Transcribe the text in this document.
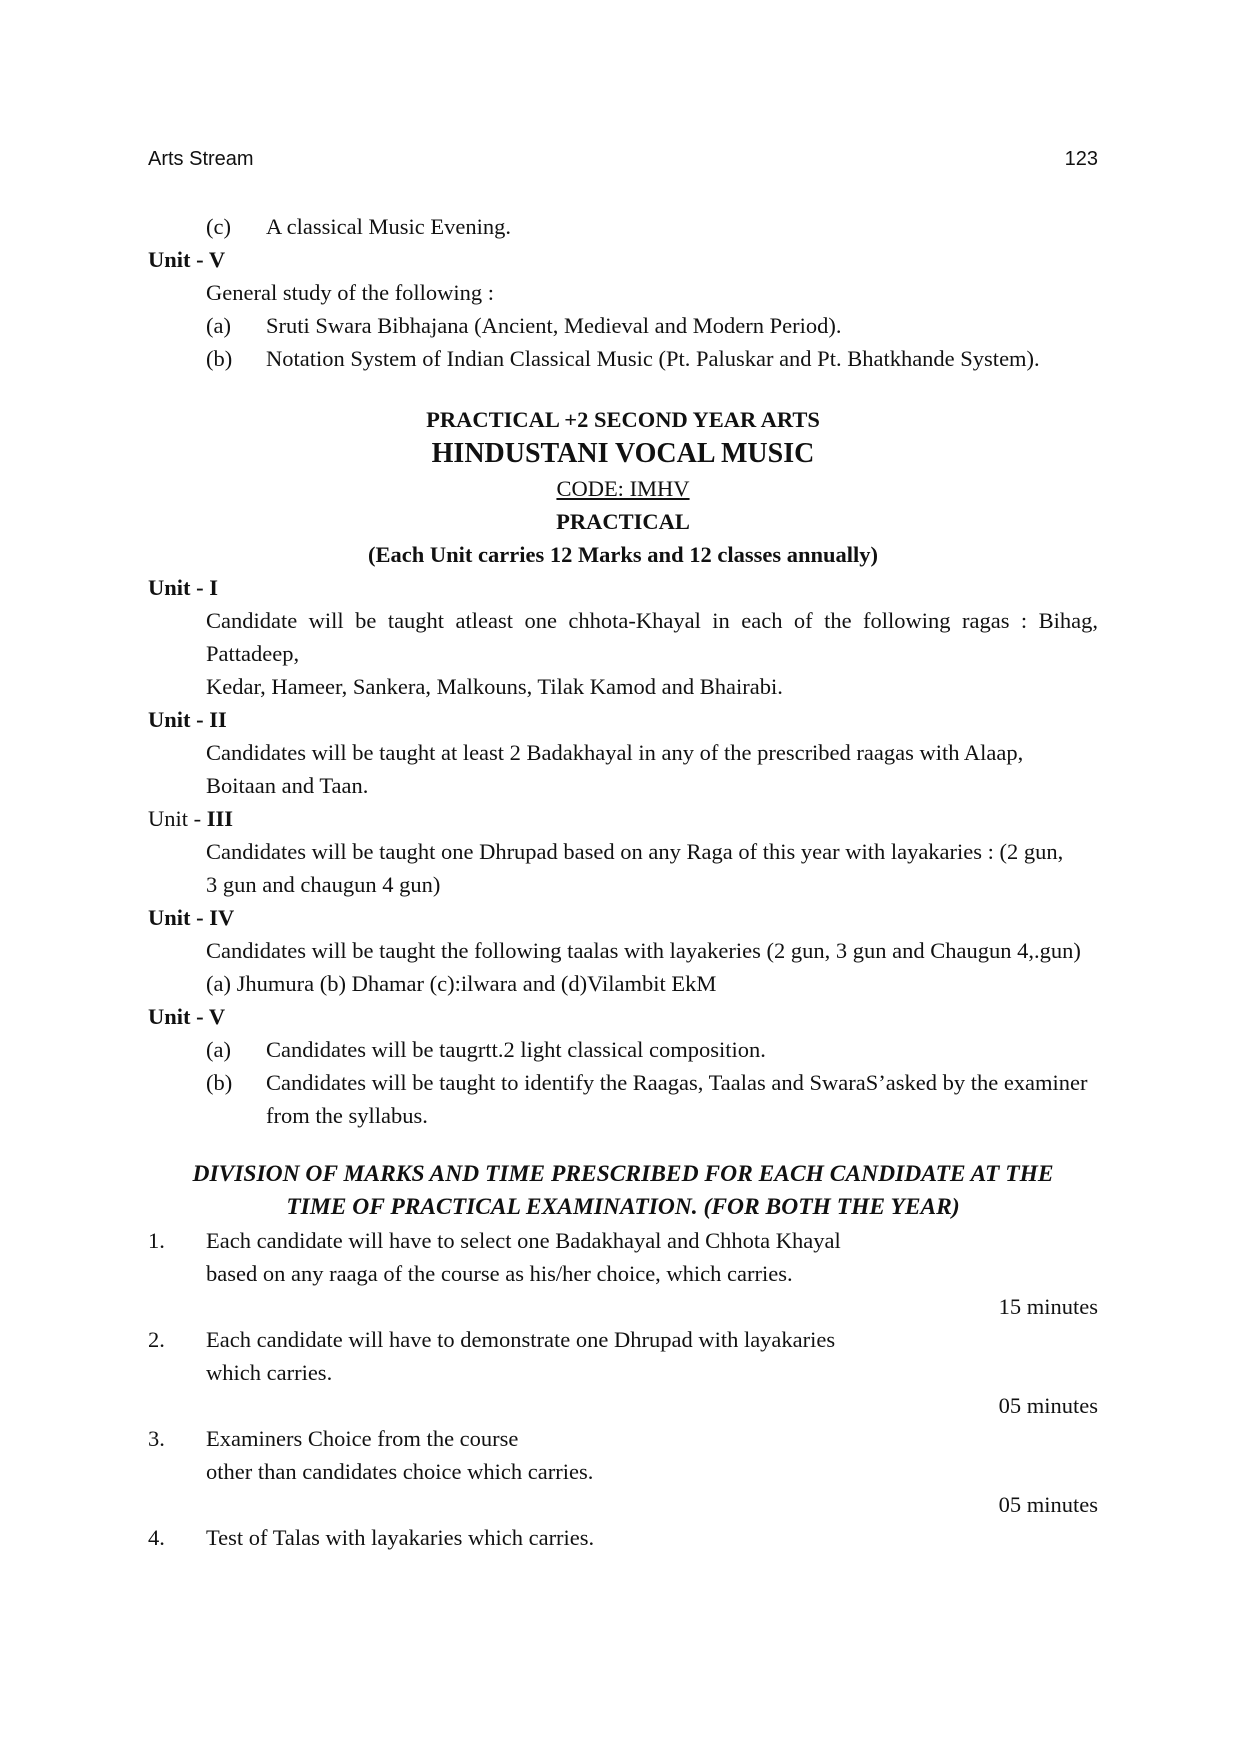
Arts Stream	123
(c)	A classical Music Evening.
Unit - V
General study of the following :
(a)	Sruti Swara Bibhajana (Ancient, Medieval and Modern Period).
(b)	Notation System of Indian Classical Music (Pt. Paluskar and Pt. Bhatkhande System).
PRACTICAL +2 SECOND YEAR ARTS
HINDUSTANI VOCAL MUSIC
CODE: IMHV
PRACTICAL
(Each Unit carries 12 Marks and 12 classes annually)
Unit - I
Candidate will be taught atleast one chhota-Khayal in each of the following ragas : Bihag, Pattadeep,
Kedar, Hameer, Sankera, Malkouns, Tilak Kamod and Bhairabi.
Unit - II
Candidates will be taught at least 2 Badakhayal in any of the prescribed raagas with Alaap,
Boitaan and Taan.
Unit - III
Candidates will be taught one Dhrupad based on any Raga of this year with layakaries : (2 gun,
3 gun and chaugun 4 gun)
Unit - IV
Candidates will be taught the following taalas with layakeries (2 gun, 3 gun and Chaugun 4,.gun)
(a) Jhumura (b) Dhamar (c):ilwara and (d)Vilambit EkM
Unit - V
(a)	Candidates will be taugrtt.2 light classical composition.
(b)	Candidates will be taught to identify the Raagas, Taalas and SwaraS’asked by the examiner
from the syllabus.
DIVISION OF MARKS AND TIME PRESCRIBED FOR EACH CANDIDATE AT THE
TIME OF PRACTICAL EXAMINATION. (FOR BOTH THE YEAR)
1.	Each candidate will have to select one Badakhayal and Chhota Khayal
based on any raaga of the course as his/her choice, which carries.
15 minutes
2.	Each candidate will have to demonstrate one Dhrupad with layakaries
which carries.
05 minutes
3.	Examiners Choice from the course
other than candidates choice which carries.
05 minutes
4.	Test of Talas with layakaries which carries.
